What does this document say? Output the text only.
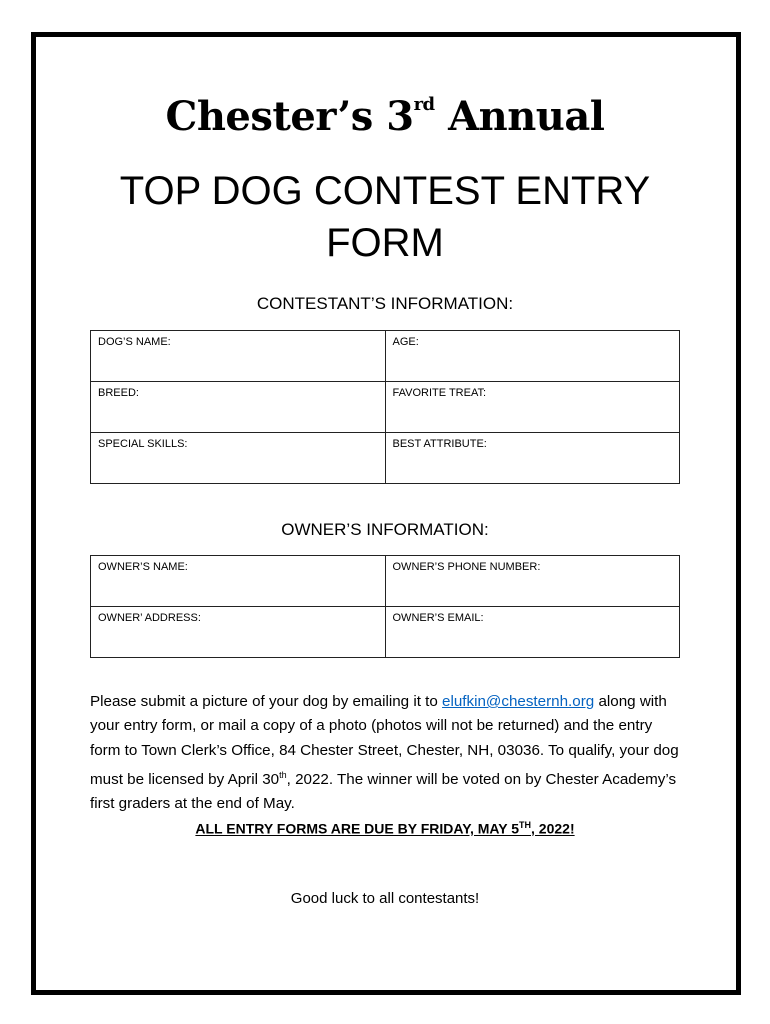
Chester’s 3rd Annual
TOP DOG CONTEST ENTRY
FORM
CONTESTANT’S INFORMATION:
DOG’S NAME:	AGE:
BREED:	FAVORITE TREAT:
SPECIAL SKILLS:	BEST ATTRIBUTE:
OWNER’S INFORMATION:
OWNER’S NAME:	OWNER’S PHONE NUMBER:
OWNER’ ADDRESS:	OWNER’S EMAIL:
Please submit a picture of your dog by emailing it to elufkin@chesternh.org along with your entry form, or mail a copy of a photo (photos will not be returned) and the entry form to Town Clerk’s Office, 84 Chester Street, Chester, NH, 03036. To qualify, your dog must be licensed by April 30th, 2022. The winner will be voted on by Chester Academy’s first graders at the end of May.
ALL ENTRY FORMS ARE DUE BY FRIDAY, MAY 5TH, 2022!
Good luck to all contestants!
